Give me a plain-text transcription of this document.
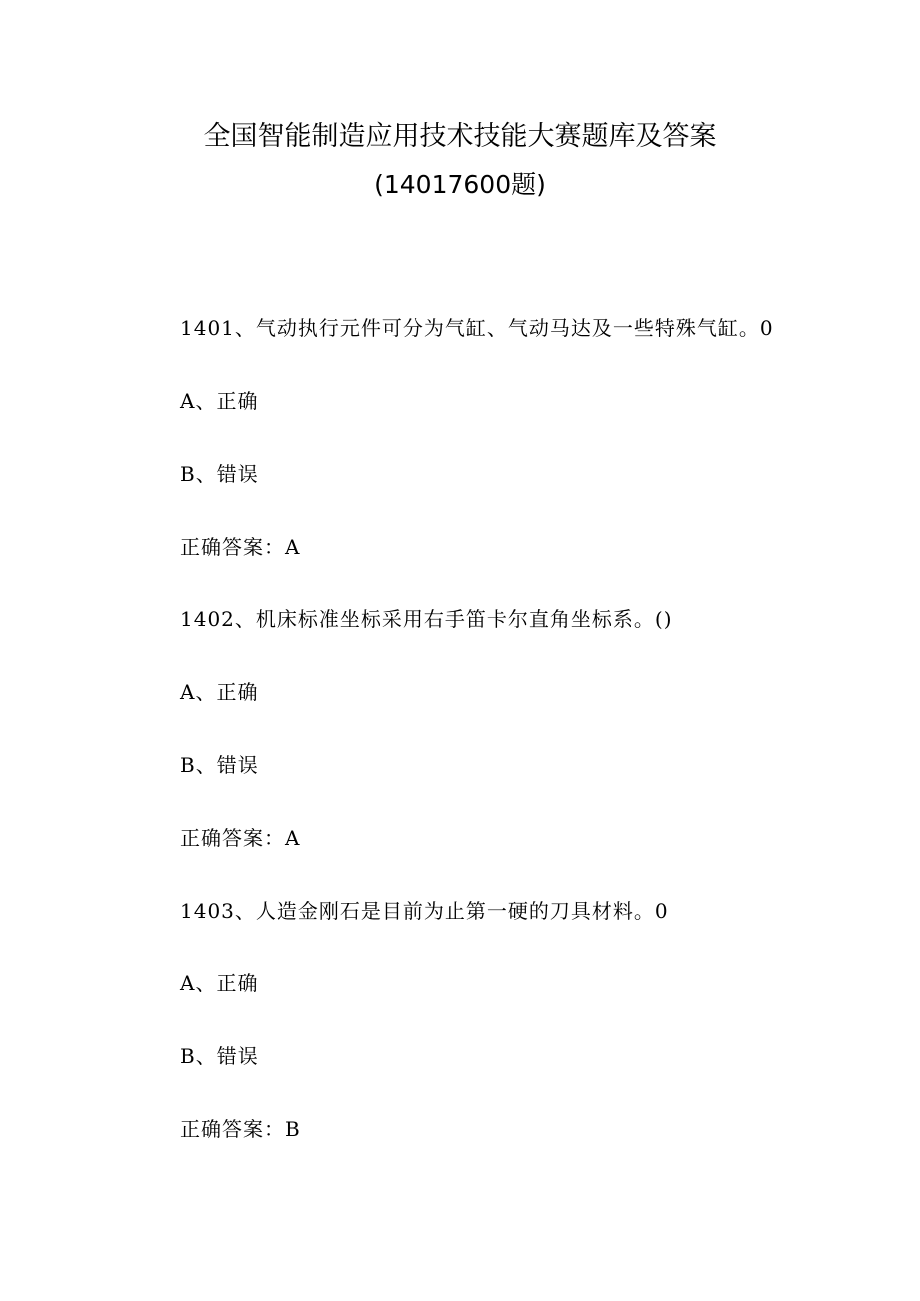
全国智能制造应用技术技能大赛题库及答案
(14017600题)
1401、气动执行元件可分为气缸、气动马达及一些特殊气缸。0
A、正确
B、错误
正确答案：A
1402、机床标准坐标采用右手笛卡尔直角坐标系。()
A、正确
B、错误
正确答案：A
1403、人造金刚石是目前为止第一硬的刀具材料。0
A、正确
B、错误
正确答案：B
